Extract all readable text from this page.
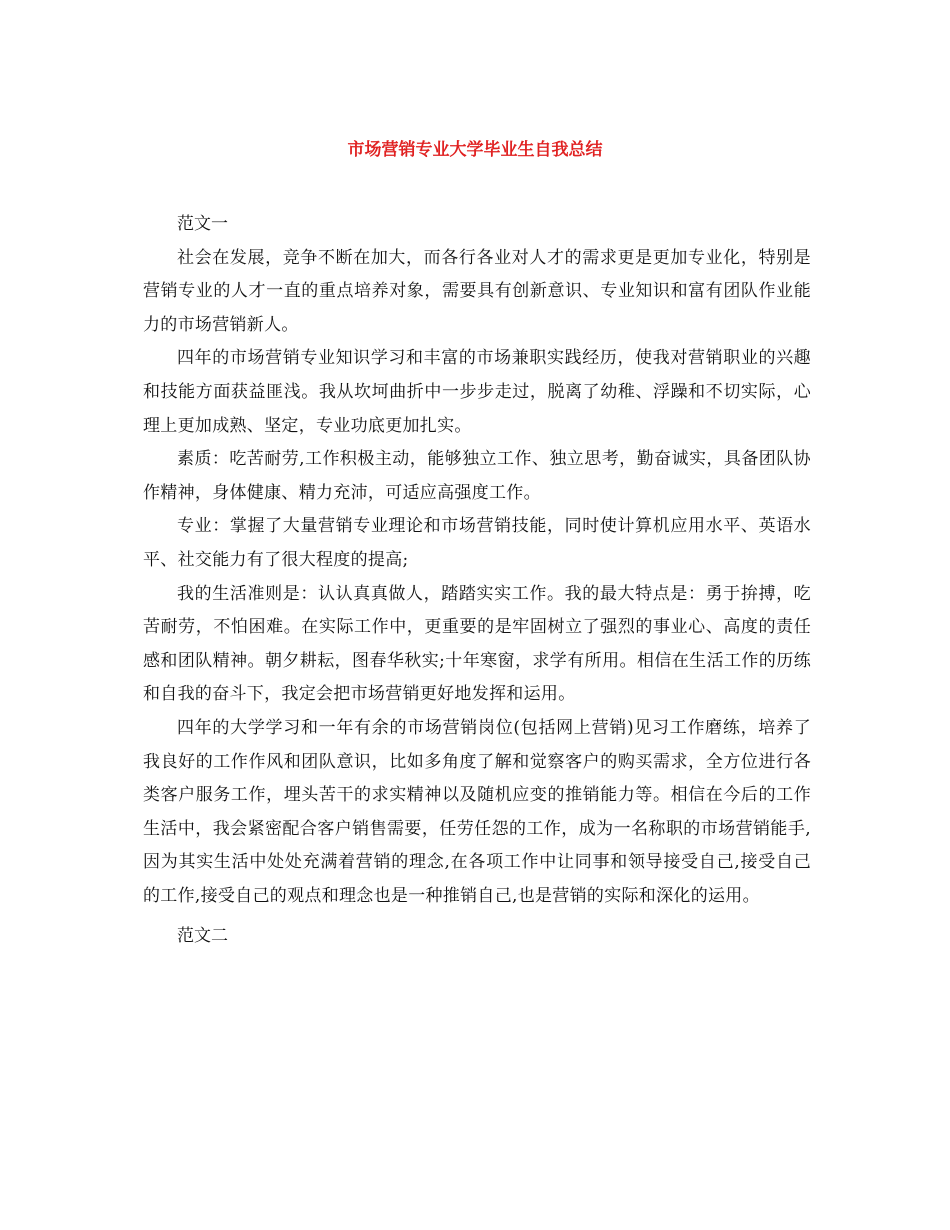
市场营销专业大学毕业生自我总结

范文一

社会在发展，竞争不断在加大，而各行各业对人才的需求更是更加专业化，特别是营销专业的人才一直的重点培养对象，需要具有创新意识、专业知识和富有团队作业能力的市场营销新人。

四年的市场营销专业知识学习和丰富的市场兼职实践经历，使我对营销职业的兴趣和技能方面获益匪浅。我从坎坷曲折中一步步走过，脱离了幼稚、浮躁和不切实际，心理上更加成熟、坚定，专业功底更加扎实。

素质：吃苦耐劳,工作积极主动，能够独立工作、独立思考，勤奋诚实，具备团队协作精神，身体健康、精力充沛，可适应高强度工作。

专业：掌握了大量营销专业理论和市场营销技能，同时使计算机应用水平、英语水平、社交能力有了很大程度的提高;

我的生活准则是：认认真真做人，踏踏实实工作。我的最大特点是：勇于拚搏，吃苦耐劳，不怕困难。在实际工作中，更重要的是牢固树立了强烈的事业心、高度的责任感和团队精神。朝夕耕耘，图春华秋实;十年寒窗，求学有所用。相信在生活工作的历练和自我的奋斗下，我定会把市场营销更好地发挥和运用。

四年的大学学习和一年有余的市场营销岗位(包括网上营销)见习工作磨练，培养了我良好的工作作风和团队意识，比如多角度了解和觉察客户的购买需求，全方位进行各类客户服务工作，埋头苦干的求实精神以及随机应变的推销能力等。相信在今后的工作生活中，我会紧密配合客户销售需要，任劳任怨的工作，成为一名称职的市场营销能手,因为其实生活中处处充满着营销的理念,在各项工作中让同事和领导接受自己,接受自己的工作,接受自己的观点和理念也是一种推销自己,也是营销的实际和深化的运用。

范文二
